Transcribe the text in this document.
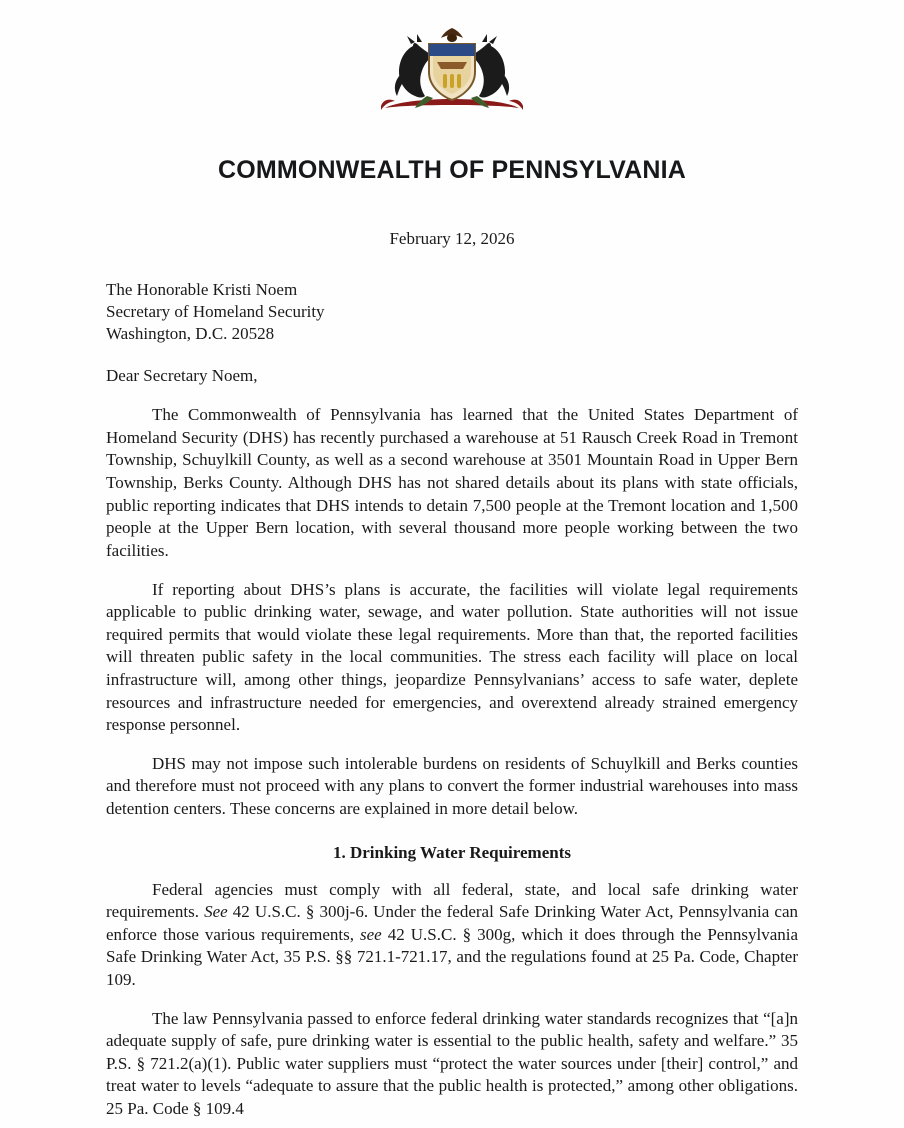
COMMONWEALTH OF PENNSYLVANIA
February 12, 2026
The Honorable Kristi Noem
Secretary of Homeland Security
Washington, D.C. 20528
Dear Secretary Noem,

The Commonwealth of Pennsylvania has learned that the United States Department of Homeland Security (DHS) has recently purchased a warehouse at 51 Rausch Creek Road in Tremont Township, Schuylkill County, as well as a second warehouse at 3501 Mountain Road in Upper Bern Township, Berks County. Although DHS has not shared details about its plans with state officials, public reporting indicates that DHS intends to detain 7,500 people at the Tremont location and 1,500 people at the Upper Bern location, with several thousand more people working between the two facilities.

If reporting about DHS’s plans is accurate, the facilities will violate legal requirements applicable to public drinking water, sewage, and water pollution. State authorities will not issue required permits that would violate these legal requirements. More than that, the reported facilities will threaten public safety in the local communities. The stress each facility will place on local infrastructure will, among other things, jeopardize Pennsylvanians’ access to safe water, deplete resources and infrastructure needed for emergencies, and overextend already strained emergency response personnel.

DHS may not impose such intolerable burdens on residents of Schuylkill and Berks counties and therefore must not proceed with any plans to convert the former industrial warehouses into mass detention centers. These concerns are explained in more detail below.

1. Drinking Water Requirements

Federal agencies must comply with all federal, state, and local safe drinking water requirements. See 42 U.S.C. § 300j-6. Under the federal Safe Drinking Water Act, Pennsylvania can enforce those various requirements, see 42 U.S.C. § 300g, which it does through the Pennsylvania Safe Drinking Water Act, 35 P.S. §§ 721.1-721.17, and the regulations found at 25 Pa. Code, Chapter 109.

The law Pennsylvania passed to enforce federal drinking water standards recognizes that “[a]n adequate supply of safe, pure drinking water is essential to the public health, safety and welfare.” 35 P.S. § 721.2(a)(1). Public water suppliers must “protect the water sources under [their] control,” and treat water to levels “adequate to assure that the public health is protected,” among other obligations. 25 Pa. Code § 109.4
